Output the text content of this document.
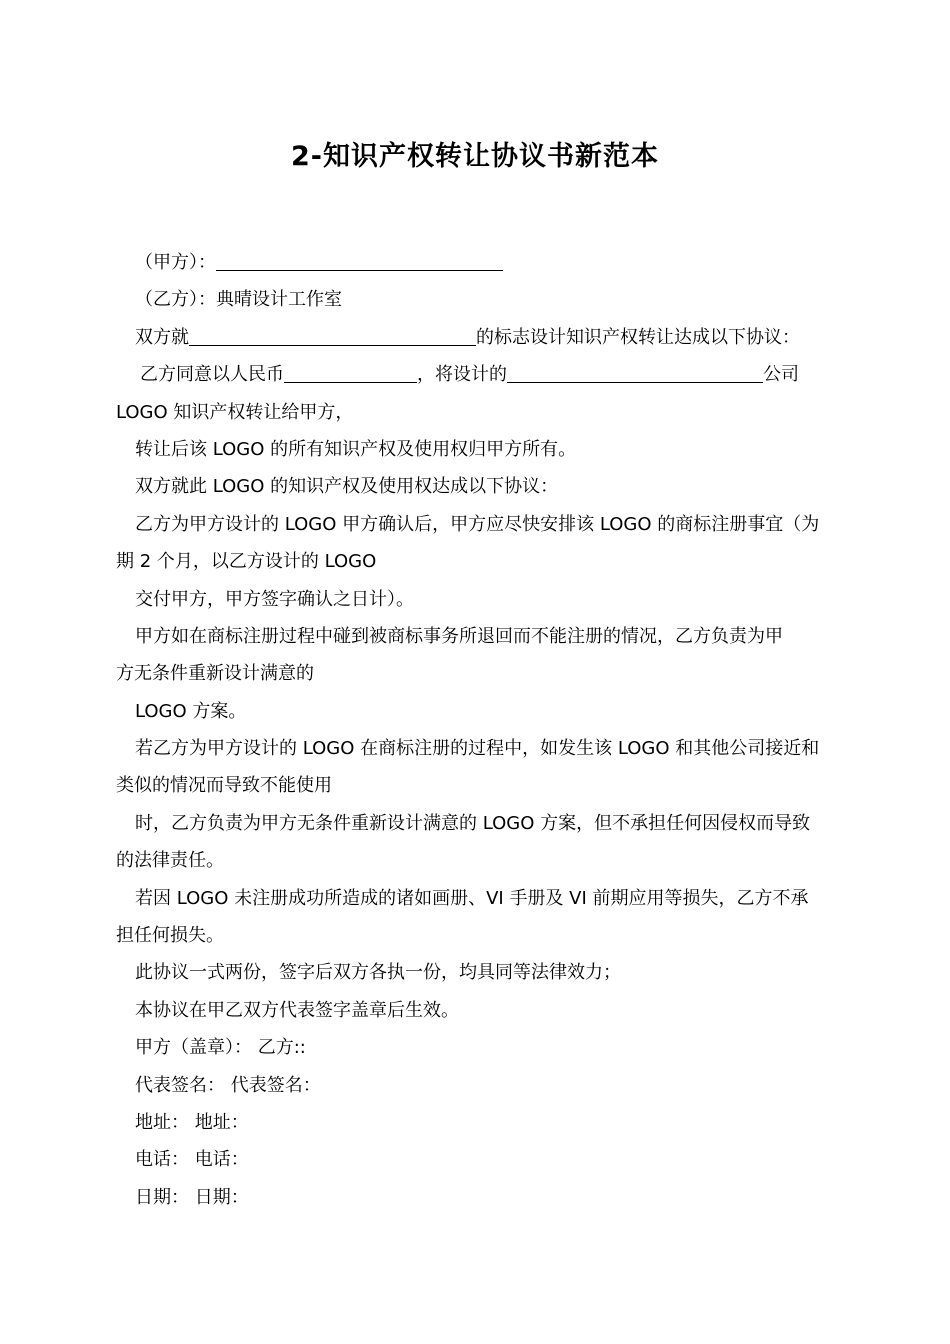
2-知识产权转让协议书新范本
（甲方）：
（乙方）：典晴设计工作室
双方就	的标志设计知识产权转让达成以下协议：
乙方同意以人民币	，将设计的	公司
LOGO 知识产权转让给甲方，
转让后该 LOGO 的所有知识产权及使用权归甲方所有。
双方就此 LOGO 的知识产权及使用权达成以下协议：
乙方为甲方设计的 LOGO 甲方确认后，甲方应尽快安排该 LOGO 的商标注册事宜（为
期 2 个月，以乙方设计的 LOGO
交付甲方，甲方签字确认之日计）。
甲方如在商标注册过程中碰到被商标事务所退回而不能注册的情况，乙方负责为甲
方无条件重新设计满意的
LOGO 方案。
若乙方为甲方设计的 LOGO 在商标注册的过程中，如发生该 LOGO 和其他公司接近和
类似的情况而导致不能使用
时，乙方负责为甲方无条件重新设计满意的 LOGO 方案，但不承担任何因侵权而导致
的法律责任。
若因 LOGO 未注册成功所造成的诸如画册、VI 手册及 VI 前期应用等损失，乙方不承
担任何损失。
此协议一式两份，签字后双方各执一份，均具同等法律效力；
本协议在甲乙双方代表签字盖章后生效。
甲方（盖章）： 乙方::
代表签名： 代表签名：
地址： 地址：
电话： 电话：
日期： 日期：
